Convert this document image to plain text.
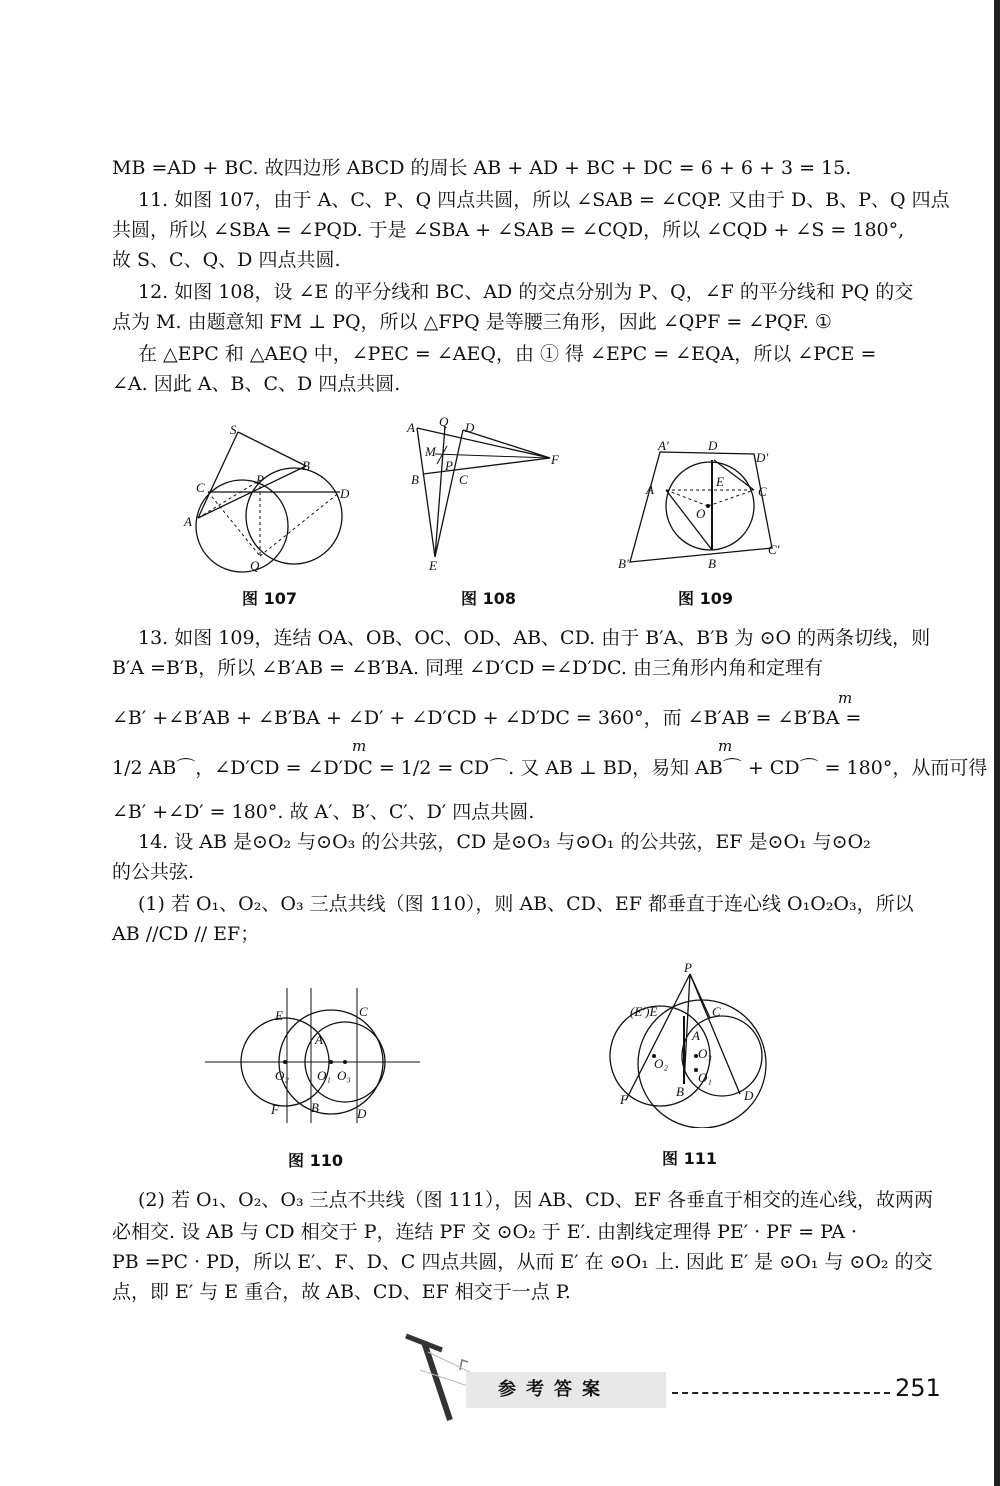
MB =AD + BC. 故四边形 ABCD 的周长 AB + AD + BC + DC = 6 + 6 + 3 = 15.
11. 如图 107，由于 A、C、P、Q 四点共圆，所以 ∠SAB = ∠CQP. 又由于 D、B、P、Q 四点
共圆，所以 ∠SBA = ∠PQD. 于是 ∠SBA + ∠SAB = ∠CQD，所以 ∠CQD + ∠S = 180°,
故 S、C、Q、D 四点共圆.
12. 如图 108，设 ∠E 的平分线和 BC、AD 的交点分别为 P、Q，∠F 的平分线和 PQ 的交
点为 M. 由题意知 FM ⊥ PQ，所以 △FPQ 是等腰三角形，因此 ∠QPF = ∠PQF. ①
在 △EPC 和 △AEQ 中，∠PEC = ∠AEQ，由 ① 得 ∠EPC = ∠EQA，所以 ∠PCE =
∠A. 因此 A、B、C、D 四点共圆.
S
B
C
P
D
A
Q
图 107
Q
A	D
M
P	F
B	C
E
图 108
A′	D
D′
A
E
C
O
B′	B
C′
图 109
13. 如图 109，连结 OA、OB、OC、OD、AB、CD. 由于 B′A、B′B 为 ⊙O 的两条切线，则
B′A =B′B，所以 ∠B′AB = ∠B′BA. 同理 ∠D′CD =∠D′DC. 由三角形内角和定理有
m
∠B′ +∠B′AB + ∠B′BA + ∠D′ + ∠D′CD + ∠D′DC = 360°，而 ∠B′AB = ∠B′BA =
m	m
1/2 AB⌒，∠D′CD = ∠D′DC = 1/2 = CD⌒. 又 AB ⊥ BD，易知 AB⌒ + CD⌒ = 180°，从而可得
∠B′ +∠D′ = 180°. 故 A′、B′、C′、D′ 四点共圆.
14. 设 AB 是⊙O₂ 与⊙O₃ 的公共弦，CD 是⊙O₃ 与⊙O₁ 的公共弦，EF 是⊙O₁ 与⊙O₂
的公共弦.
(1) 若 O₁、O₂、O₃ 三点共线（图 110），则 AB、CD、EF 都垂直于连心线 O₁O₂O₃，所以
AB //CD // EF；
E	C
A
O₂ O₁ O₃
F B	D
图 110
P
(E′)E	C
A
O₃
O₂
O₁
B
F	D
图 111
(2) 若 O₁、O₂、O₃ 三点不共线（图 111），因 AB、CD、EF 各垂直于相交的连心线，故两两
必相交. 设 AB 与 CD 相交于 P，连结 PF 交 ⊙O₂ 于 E′. 由割线定理得 PE′ · PF = PA ·
PB =PC · PD，所以 E′、F、D、C 四点共圆，从而 E′ 在 ⊙O₁ 上. 因此 E′ 是 ⊙O₁ 与 ⊙O₂ 的交
点，即 E′ 与 E 重合，故 AB、CD、EF 相交于一点 P.
参考答案	251
